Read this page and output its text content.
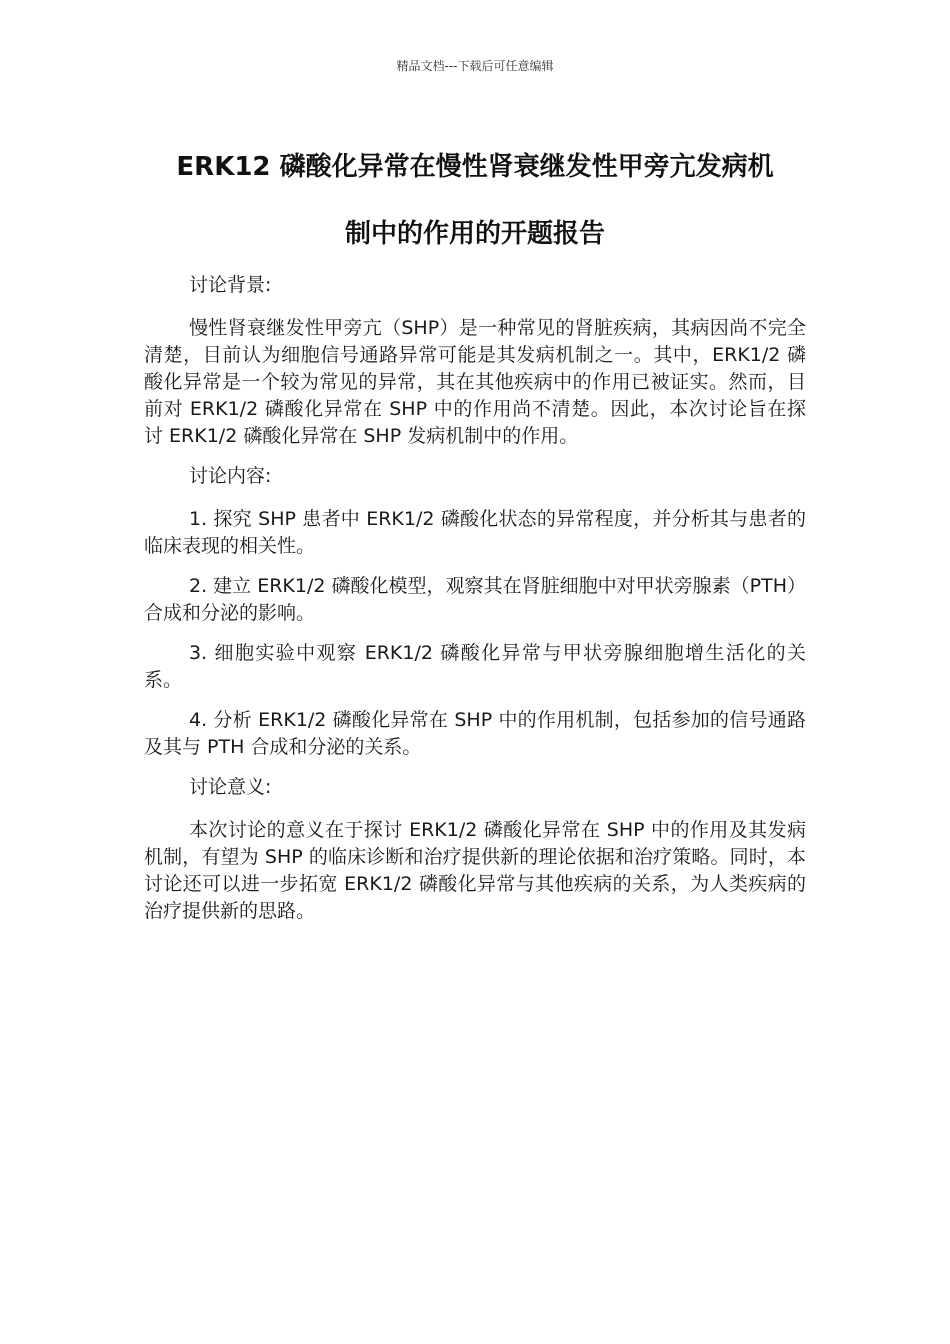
精品文档---下载后可任意编辑
ERK12 磷酸化异常在慢性肾衰继发性甲旁亢发病机
制中的作用的开题报告

讨论背景:

慢性肾衰继发性甲旁亢（SHP）是一种常见的肾脏疾病，其病因尚不完全清楚，目前认为细胞信号通路异常可能是其发病机制之一。其中，ERK1/2 磷酸化异常是一个较为常见的异常，其在其他疾病中的作用已被证实。然而，目前对 ERK1/2 磷酸化异常在 SHP 中的作用尚不清楚。因此，本次讨论旨在探讨 ERK1/2 磷酸化异常在 SHP 发病机制中的作用。

讨论内容:

1. 探究 SHP 患者中 ERK1/2 磷酸化状态的异常程度，并分析其与患者的临床表现的相关性。

2. 建立 ERK1/2 磷酸化模型，观察其在肾脏细胞中对甲状旁腺素（PTH）合成和分泌的影响。

3. 细胞实验中观察 ERK1/2 磷酸化异常与甲状旁腺细胞增生活化的关系。

4. 分析 ERK1/2 磷酸化异常在 SHP 中的作用机制，包括参加的信号通路及其与 PTH 合成和分泌的关系。

讨论意义:

本次讨论的意义在于探讨 ERK1/2 磷酸化异常在 SHP 中的作用及其发病机制，有望为 SHP 的临床诊断和治疗提供新的理论依据和治疗策略。同时，本讨论还可以进一步拓宽 ERK1/2 磷酸化异常与其他疾病的关系，为人类疾病的治疗提供新的思路。
